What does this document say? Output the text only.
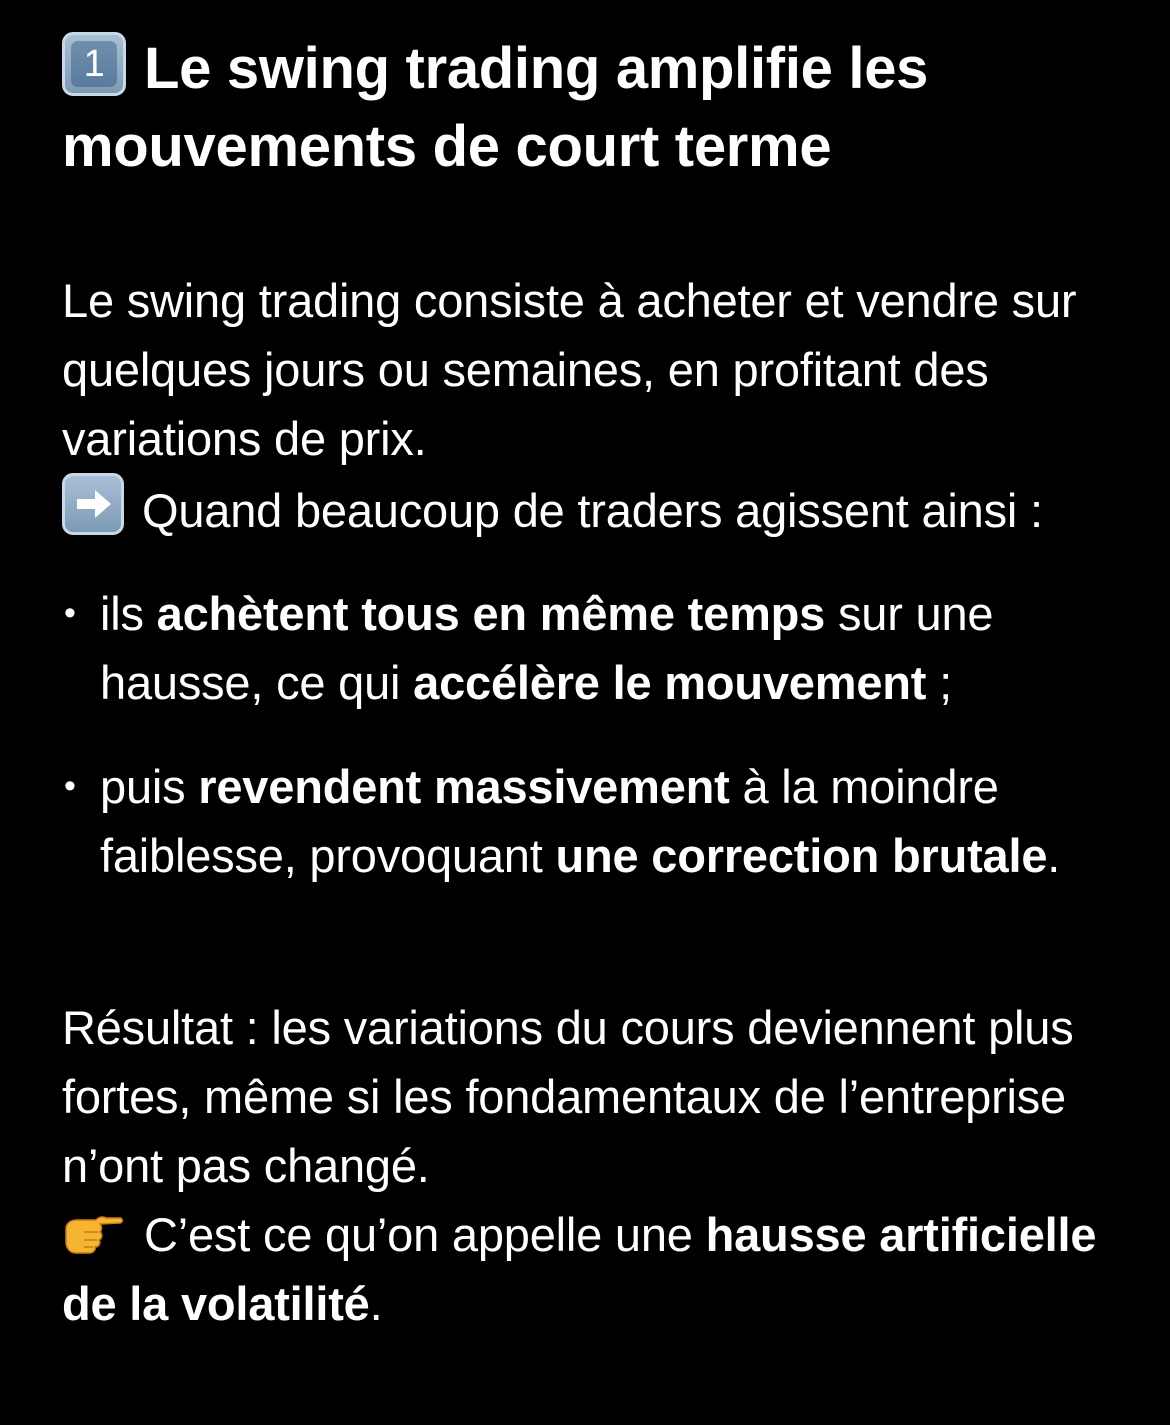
1 Le swing trading amplifie les
mouvements de court terme

Le swing trading consiste à acheter et vendre sur quelques jours ou semaines, en profitant des variations de prix.

Quand beaucoup de traders agissent ainsi :

• ils achètent tous en même temps sur une hausse, ce qui accélère le mouvement ;
• puis revendent massivement à la moindre faiblesse, provoquant une correction brutale.

Résultat : les variations du cours deviennent plus fortes, même si les fondamentaux de l’entreprise n’ont pas changé.

C’est ce qu’on appelle une hausse artificielle de la volatilité.
